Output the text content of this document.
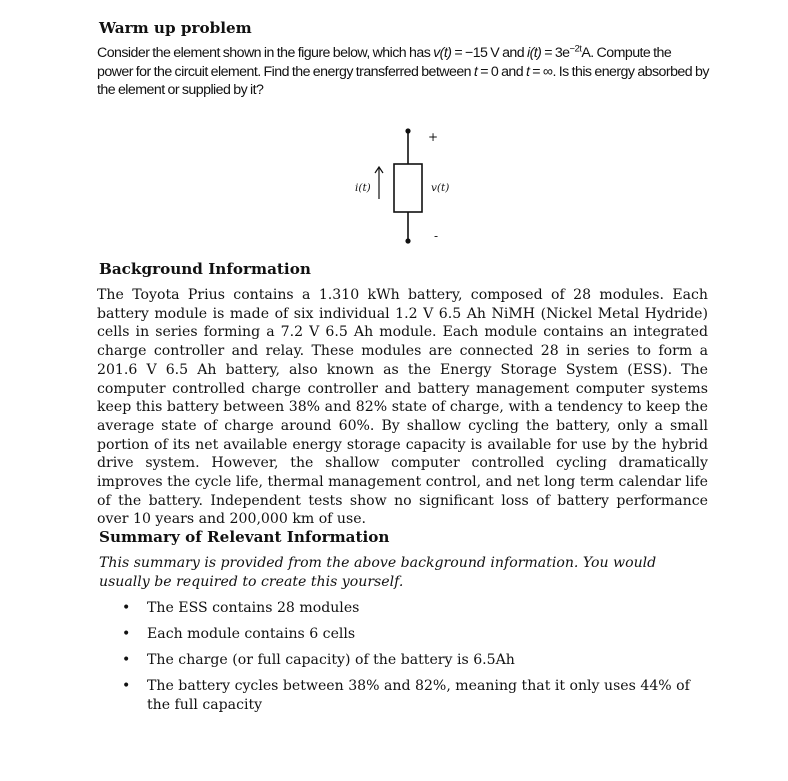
Warm up problem
Consider the element shown in the figure below, which has v(t) = −15 V and $i(t) = 3e^{-2t}A$. Compute the power for the circuit element. Find the energy transferred between t = 0 and t = ∞. Is this energy absorbed by the element or supplied by it?
+
-
i(t)	v(t)
Background Information
The Toyota Prius contains a 1.310 kWh battery, composed of 28 modules. Each battery module is made of six individual 1.2 V 6.5 Ah NiMH (Nickel Metal Hydride) cells in series forming a 7.2 V 6.5 Ah module. Each module contains an integrated charge controller and relay. These modules are connected 28 in series to form a 201.6 V 6.5 Ah battery, also known as the Energy Storage System (ESS). The computer controlled charge controller and battery management computer systems keep this battery between 38% and 82% state of charge, with a tendency to keep the average state of charge around 60%. By shallow cycling the battery, only a small portion of its net available energy storage capacity is available for use by the hybrid drive system. However, the shallow computer controlled cycling dramatically improves the cycle life, thermal management control, and net long term calendar life of the battery. Independent tests show no significant loss of battery performance over 10 years and 200,000 km of use.
Summary of Relevant Information
This summary is provided from the above background information. You would usually be required to create this yourself.
• The ESS contains 28 modules
• Each module contains 6 cells
• The charge (or full capacity) of the battery is 6.5Ah
• The battery cycles between 38% and 82%, meaning that it only uses 44% of the full capacity
